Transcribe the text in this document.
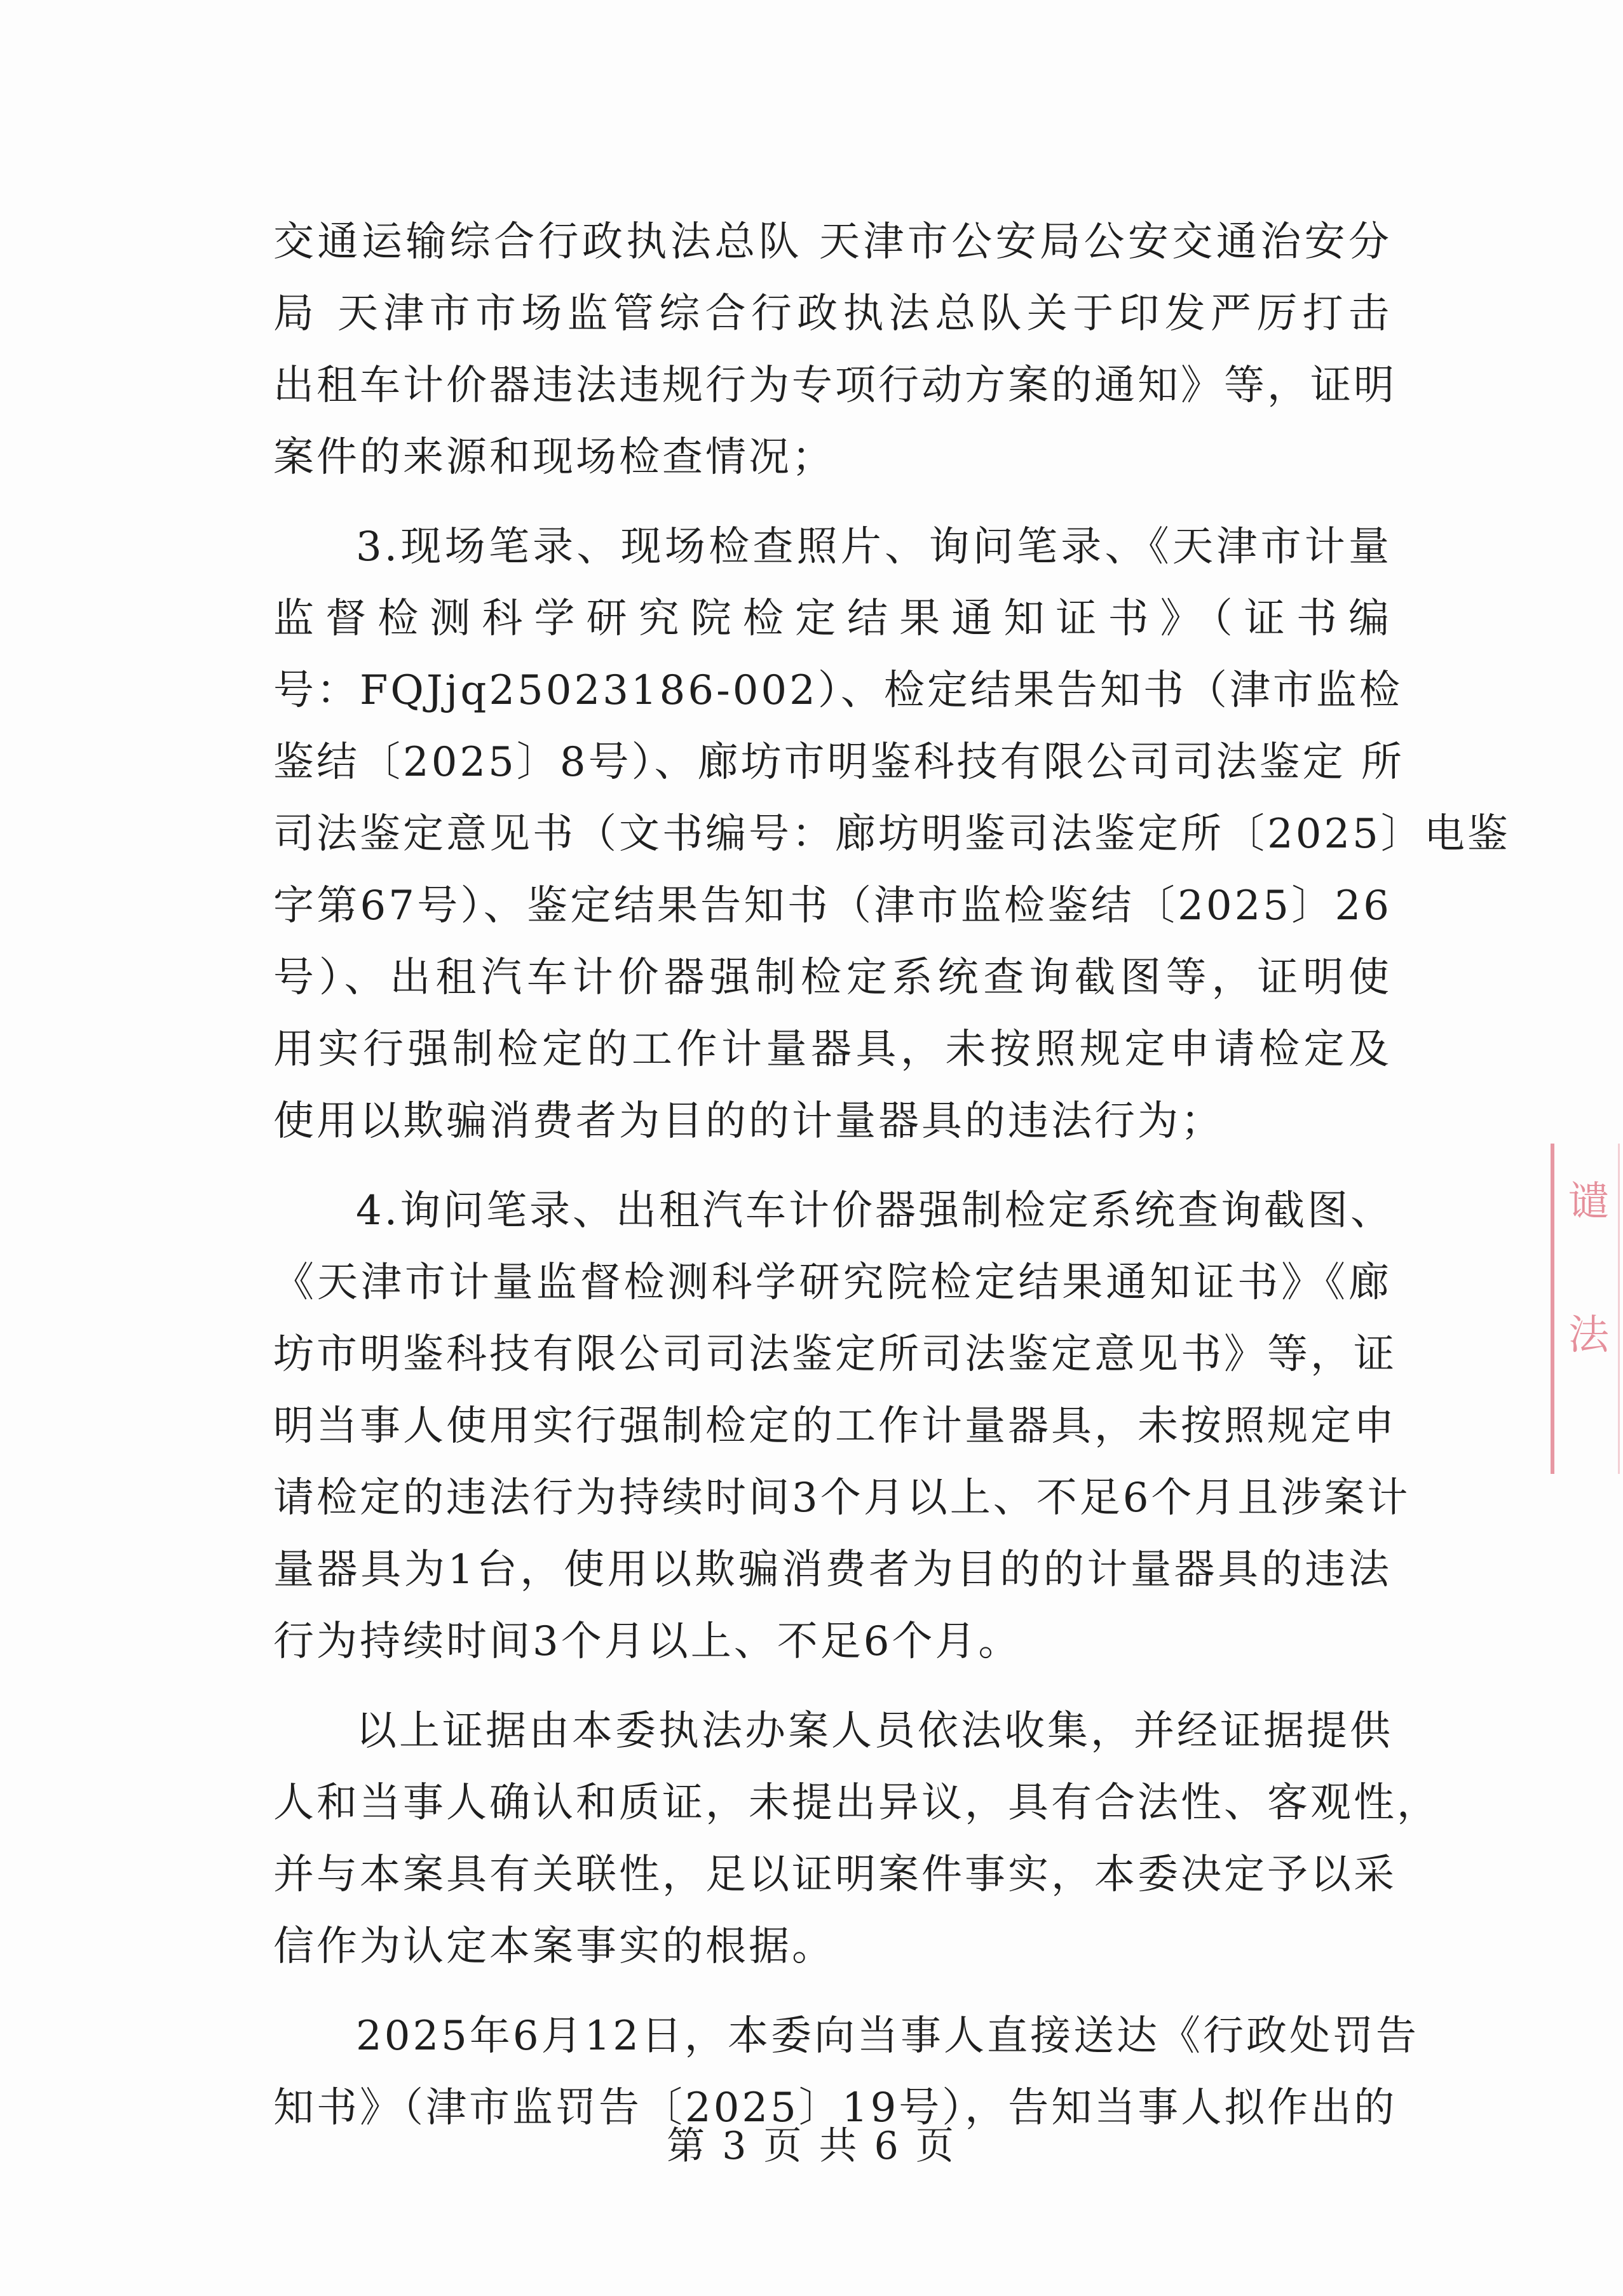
交通运输综合行政执法总队 天津市公安局公安交通治安分
局 天津市市场监管综合行政执法总队关于印发严厉打击
出租车计价器违法违规行为专项行动方案的通知》等，证明
案件的来源和现场检查情况；
3.现场笔录、现场检查照片、询问笔录、《天津市计量
监督检测科学研究院检定结果通知证书》（证书编
号：FQJjq25023186-002）、检定结果告知书（津市监检
鉴结〔2025〕8号）、廊坊市明鉴科技有限公司司法鉴定 所
司法鉴定意见书（文书编号：廊坊明鉴司法鉴定所〔2025〕电鉴
字第67号）、鉴定结果告知书（津市监检鉴结〔2025〕26
号）、出租汽车计价器强制检定系统查询截图等，证明使
用实行强制检定的工作计量器具，未按照规定申请检定及
使用以欺骗消费者为目的的计量器具的违法行为；
4.询问笔录、出租汽车计价器强制检定系统查询截图、
《天津市计量监督检测科学研究院检定结果通知证书》《廊
坊市明鉴科技有限公司司法鉴定所司法鉴定意见书》等，证
明当事人使用实行强制检定的工作计量器具，未按照规定申
请检定的违法行为持续时间3个月以上、不足6个月且涉案计
量器具为1台，使用以欺骗消费者为目的的计量器具的违法
行为持续时间3个月以上、不足6个月。
以上证据由本委执法办案人员依法收集，并经证据提供
人和当事人确认和质证，未提出异议，具有合法性、客观性，
并与本案具有关联性，足以证明案件事实，本委决定予以采
信作为认定本案事实的根据。
2025年6月12日，本委向当事人直接送达《行政处罚告
知书》（津市监罚告〔2025〕19号），告知当事人拟作出的
谴
法
第 3 页 共 6 页
